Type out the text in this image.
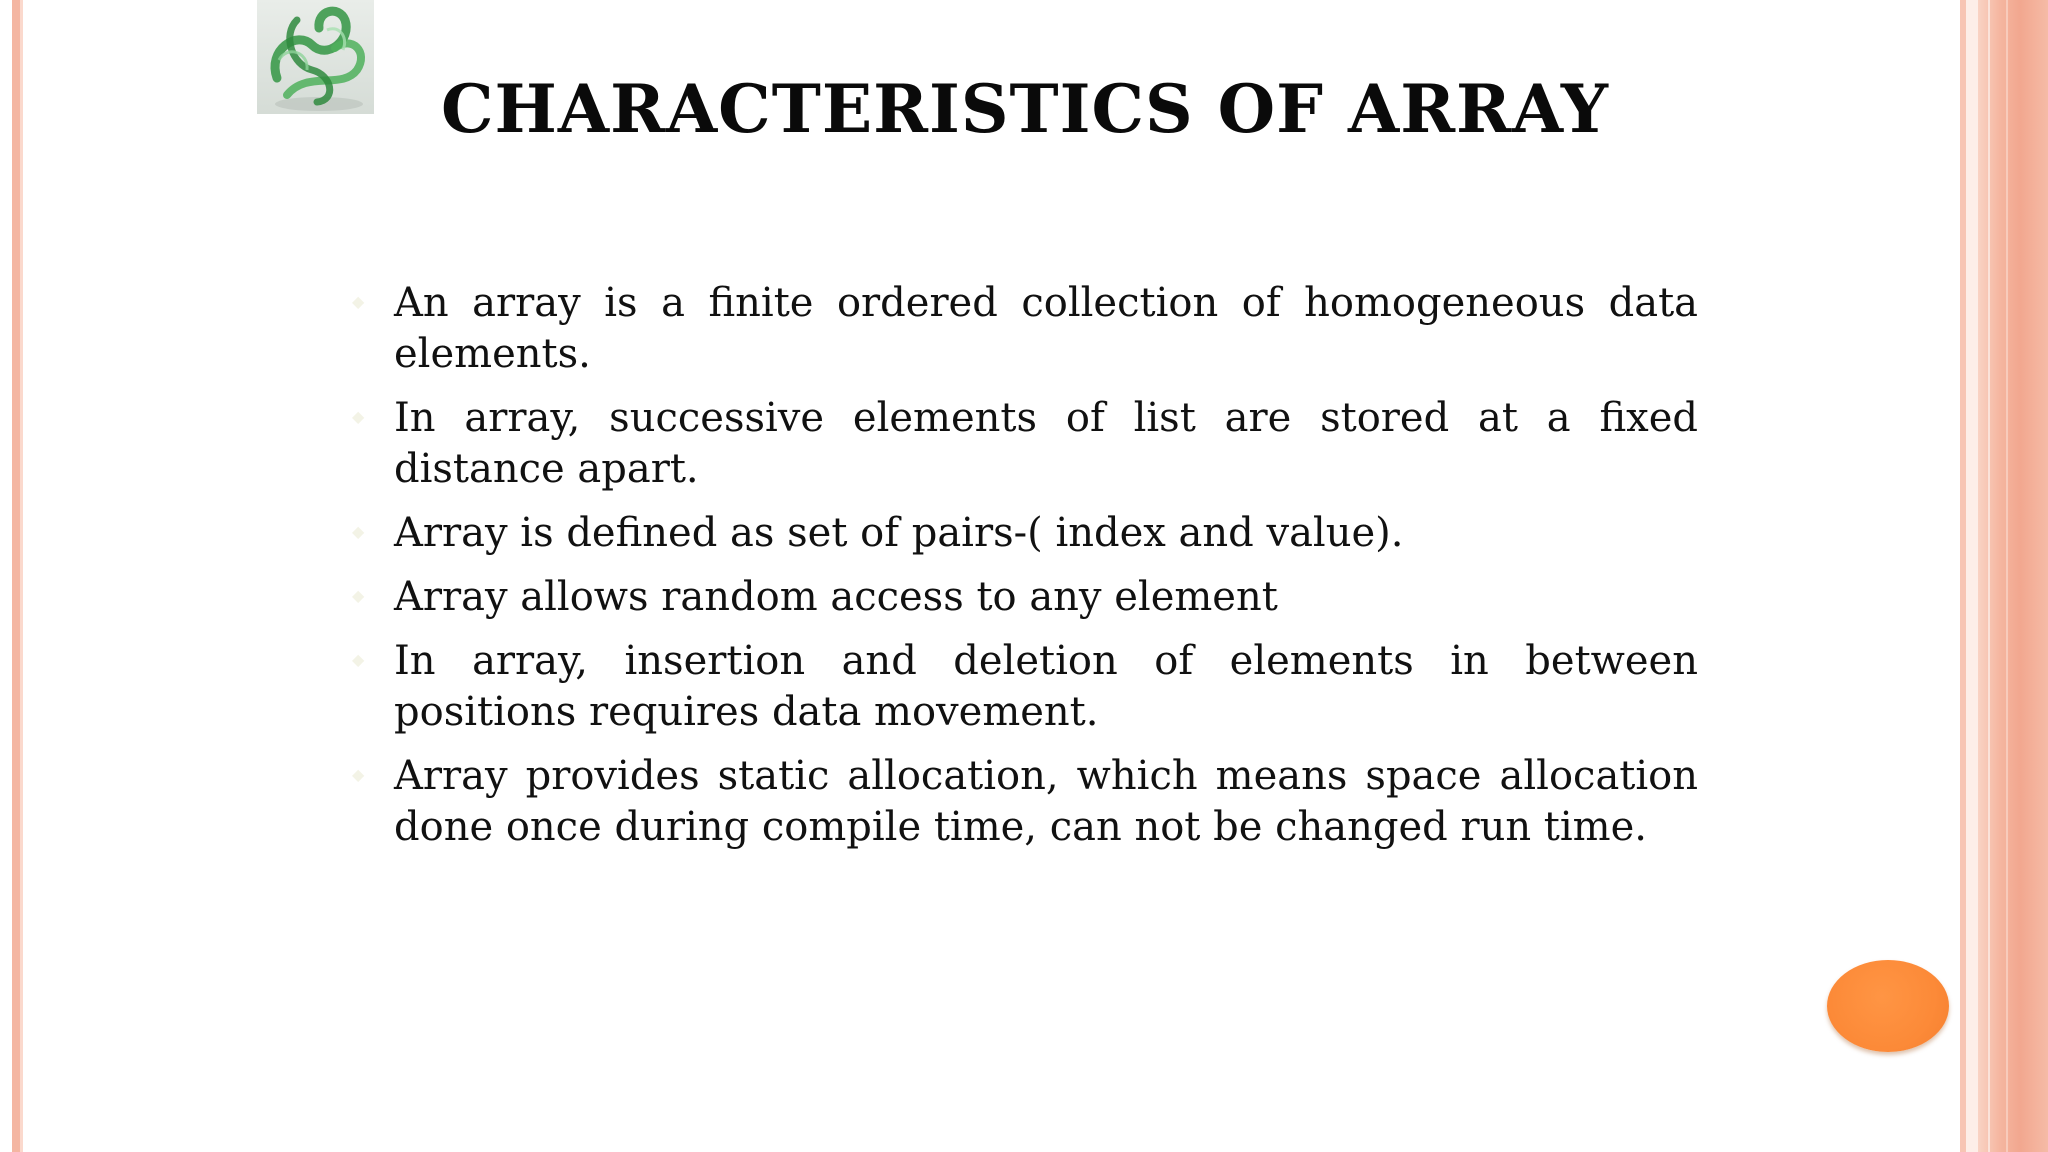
CHARACTERISTICS OF ARRAY
◆ An array is a finite ordered collection of homogeneous data elements.
◆ In array, successive elements of list are stored at a fixed distance apart.
◆ Array is defined as set of pairs-( index and value).
◆ Array allows random access to any element
◆ In array, insertion and deletion of elements in between positions requires data movement.
◆ Array provides static allocation, which means space allocation done once during compile time, can not be changed run time.
